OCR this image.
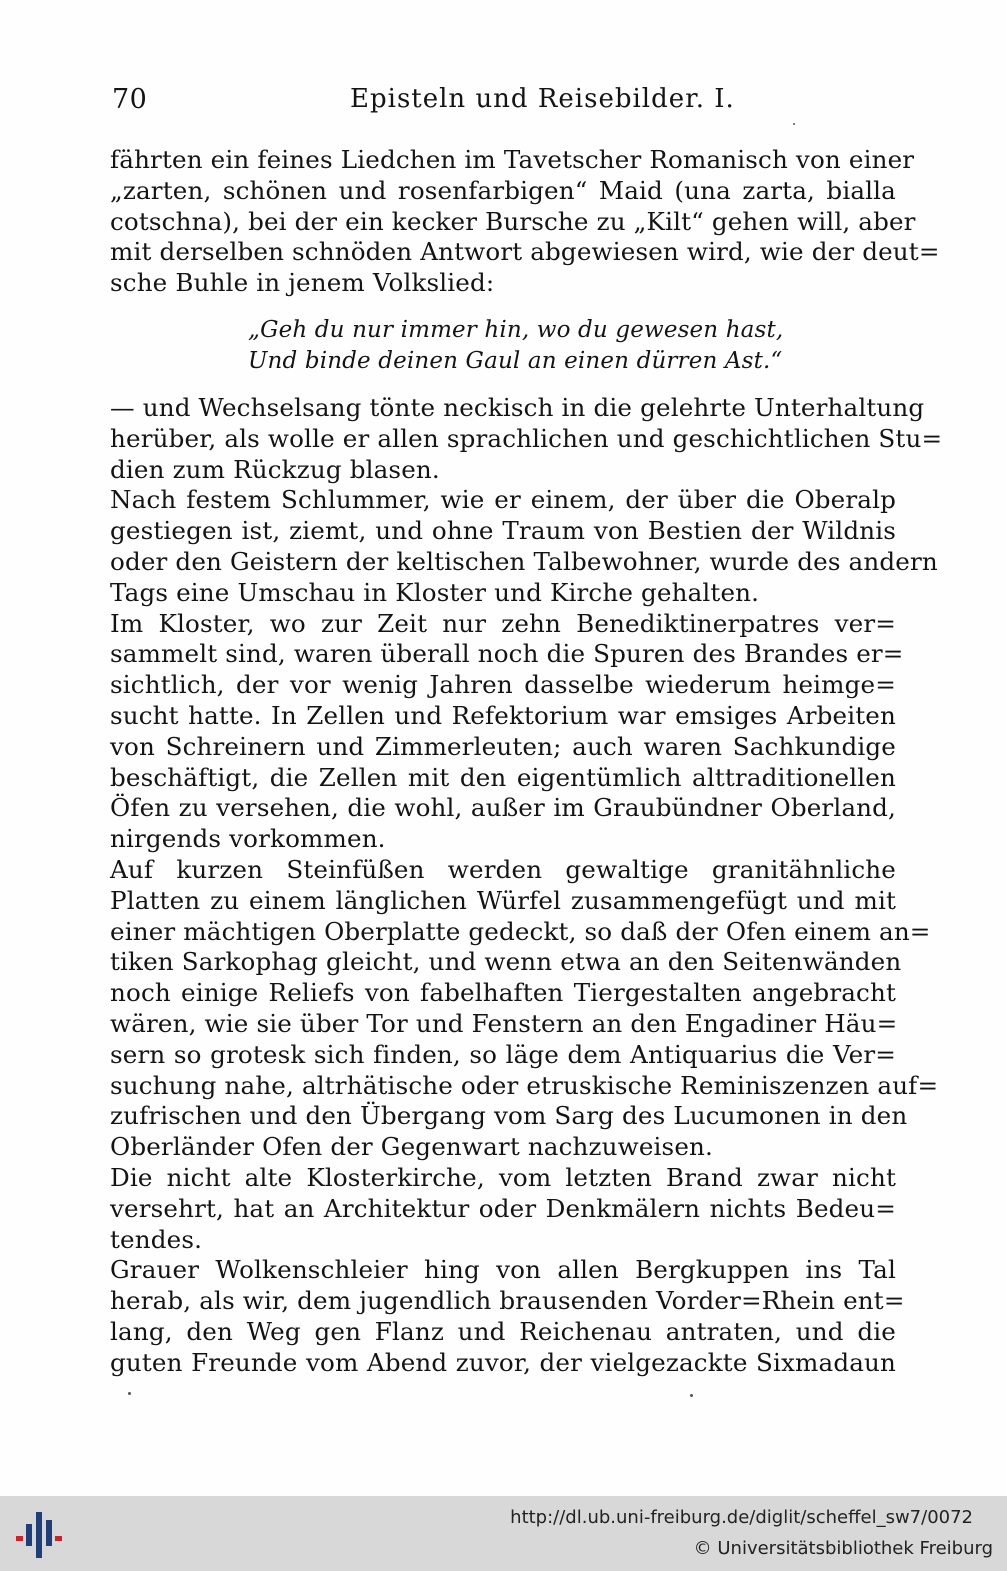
70	Episteln und Reisebilder. I.
fährten ein feines Liedchen im Tavetscher Romanisch von einer
„zarten, schönen und rosenfarbigen“ Maid (una zarta, bialla
cotschna), bei der ein kecker Bursche zu „Kilt“ gehen will, aber
mit derselben schnöden Antwort abgewiesen wird, wie der deut=
sche Buhle in jenem Volkslied:
„Geh du nur immer hin, wo du gewesen hast,
Und binde deinen Gaul an einen dürren Ast.“
— und Wechselsang tönte neckisch in die gelehrte Unterhaltung
herüber, als wolle er allen sprachlichen und geschichtlichen Stu=
dien zum Rückzug blasen.
Nach festem Schlummer, wie er einem, der über die Oberalp
gestiegen ist, ziemt, und ohne Traum von Bestien der Wildnis
oder den Geistern der keltischen Talbewohner, wurde des andern
Tags eine Umschau in Kloster und Kirche gehalten.
Im Kloster, wo zur Zeit nur zehn Benediktinerpatres ver=
sammelt sind, waren überall noch die Spuren des Brandes er=
sichtlich, der vor wenig Jahren dasselbe wiederum heimge=
sucht hatte. In Zellen und Refektorium war emsiges Arbeiten
von Schreinern und Zimmerleuten; auch waren Sachkundige
beschäftigt, die Zellen mit den eigentümlich alttraditionellen
Öfen zu versehen, die wohl, außer im Graubündner Oberland,
nirgends vorkommen.
Auf kurzen Steinfüßen werden gewaltige granitähnliche
Platten zu einem länglichen Würfel zusammengefügt und mit
einer mächtigen Oberplatte gedeckt, so daß der Ofen einem an=
tiken Sarkophag gleicht, und wenn etwa an den Seitenwänden
noch einige Reliefs von fabelhaften Tiergestalten angebracht
wären, wie sie über Tor und Fenstern an den Engadiner Häu=
sern so grotesk sich finden, so läge dem Antiquarius die Ver=
suchung nahe, altrhätische oder etruskische Reminiszenzen auf=
zufrischen und den Übergang vom Sarg des Lucumonen in den
Oberländer Ofen der Gegenwart nachzuweisen.
Die nicht alte Klosterkirche, vom letzten Brand zwar nicht
versehrt, hat an Architektur oder Denkmälern nichts Bedeu=
tendes.
Grauer Wolkenschleier hing von allen Bergkuppen ins Tal
herab, als wir, dem jugendlich brausenden Vorder=Rhein ent=
lang, den Weg gen Flanz und Reichenau antraten, und die
guten Freunde vom Abend zuvor, der vielgezackte Sixmadaun
http://dl.ub.uni-freiburg.de/diglit/scheffel_sw7/0072
© Universitätsbibliothek Freiburg
